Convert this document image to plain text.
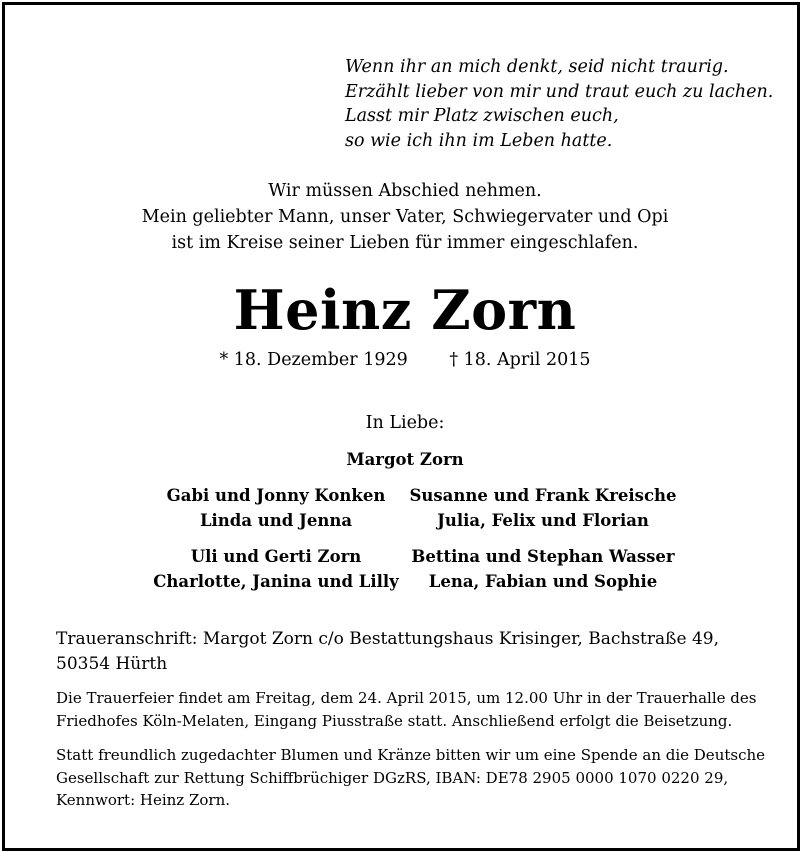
Wenn ihr an mich denkt, seid nicht traurig.
Erzählt lieber von mir und traut euch zu lachen.
Lasst mir Platz zwischen euch,
so wie ich ihn im Leben hatte.
Wir müssen Abschied nehmen.
Mein geliebter Mann, unser Vater, Schwiegervater und Opi
ist im Kreise seiner Lieben für immer eingeschlafen.
Heinz Zorn
* 18. Dezember 1929 † 18. April 2015
In Liebe:
Margot Zorn
Gabi und Jonny Konken
Linda und Jenna
Uli und Gerti Zorn
Charlotte, Janina und Lilly
Susanne und Frank Kreische
Julia, Felix und Florian
Bettina und Stephan Wasser
Lena, Fabian und Sophie
Traueranschrift: Margot Zorn c/o Bestattungshaus Krisinger, Bachstraße 49,
50354 Hürth
Die Trauerfeier findet am Freitag, dem 24. April 2015, um 12.00 Uhr in der Trauerhalle des
Friedhofes Köln-Melaten, Eingang Piusstraße statt. Anschließend erfolgt die Beisetzung.
Statt freundlich zugedachter Blumen und Kränze bitten wir um eine Spende an die Deutsche
Gesellschaft zur Rettung Schiffbrüchiger DGzRS, IBAN: DE78 2905 0000 1070 0220 29,
Kennwort: Heinz Zorn.
